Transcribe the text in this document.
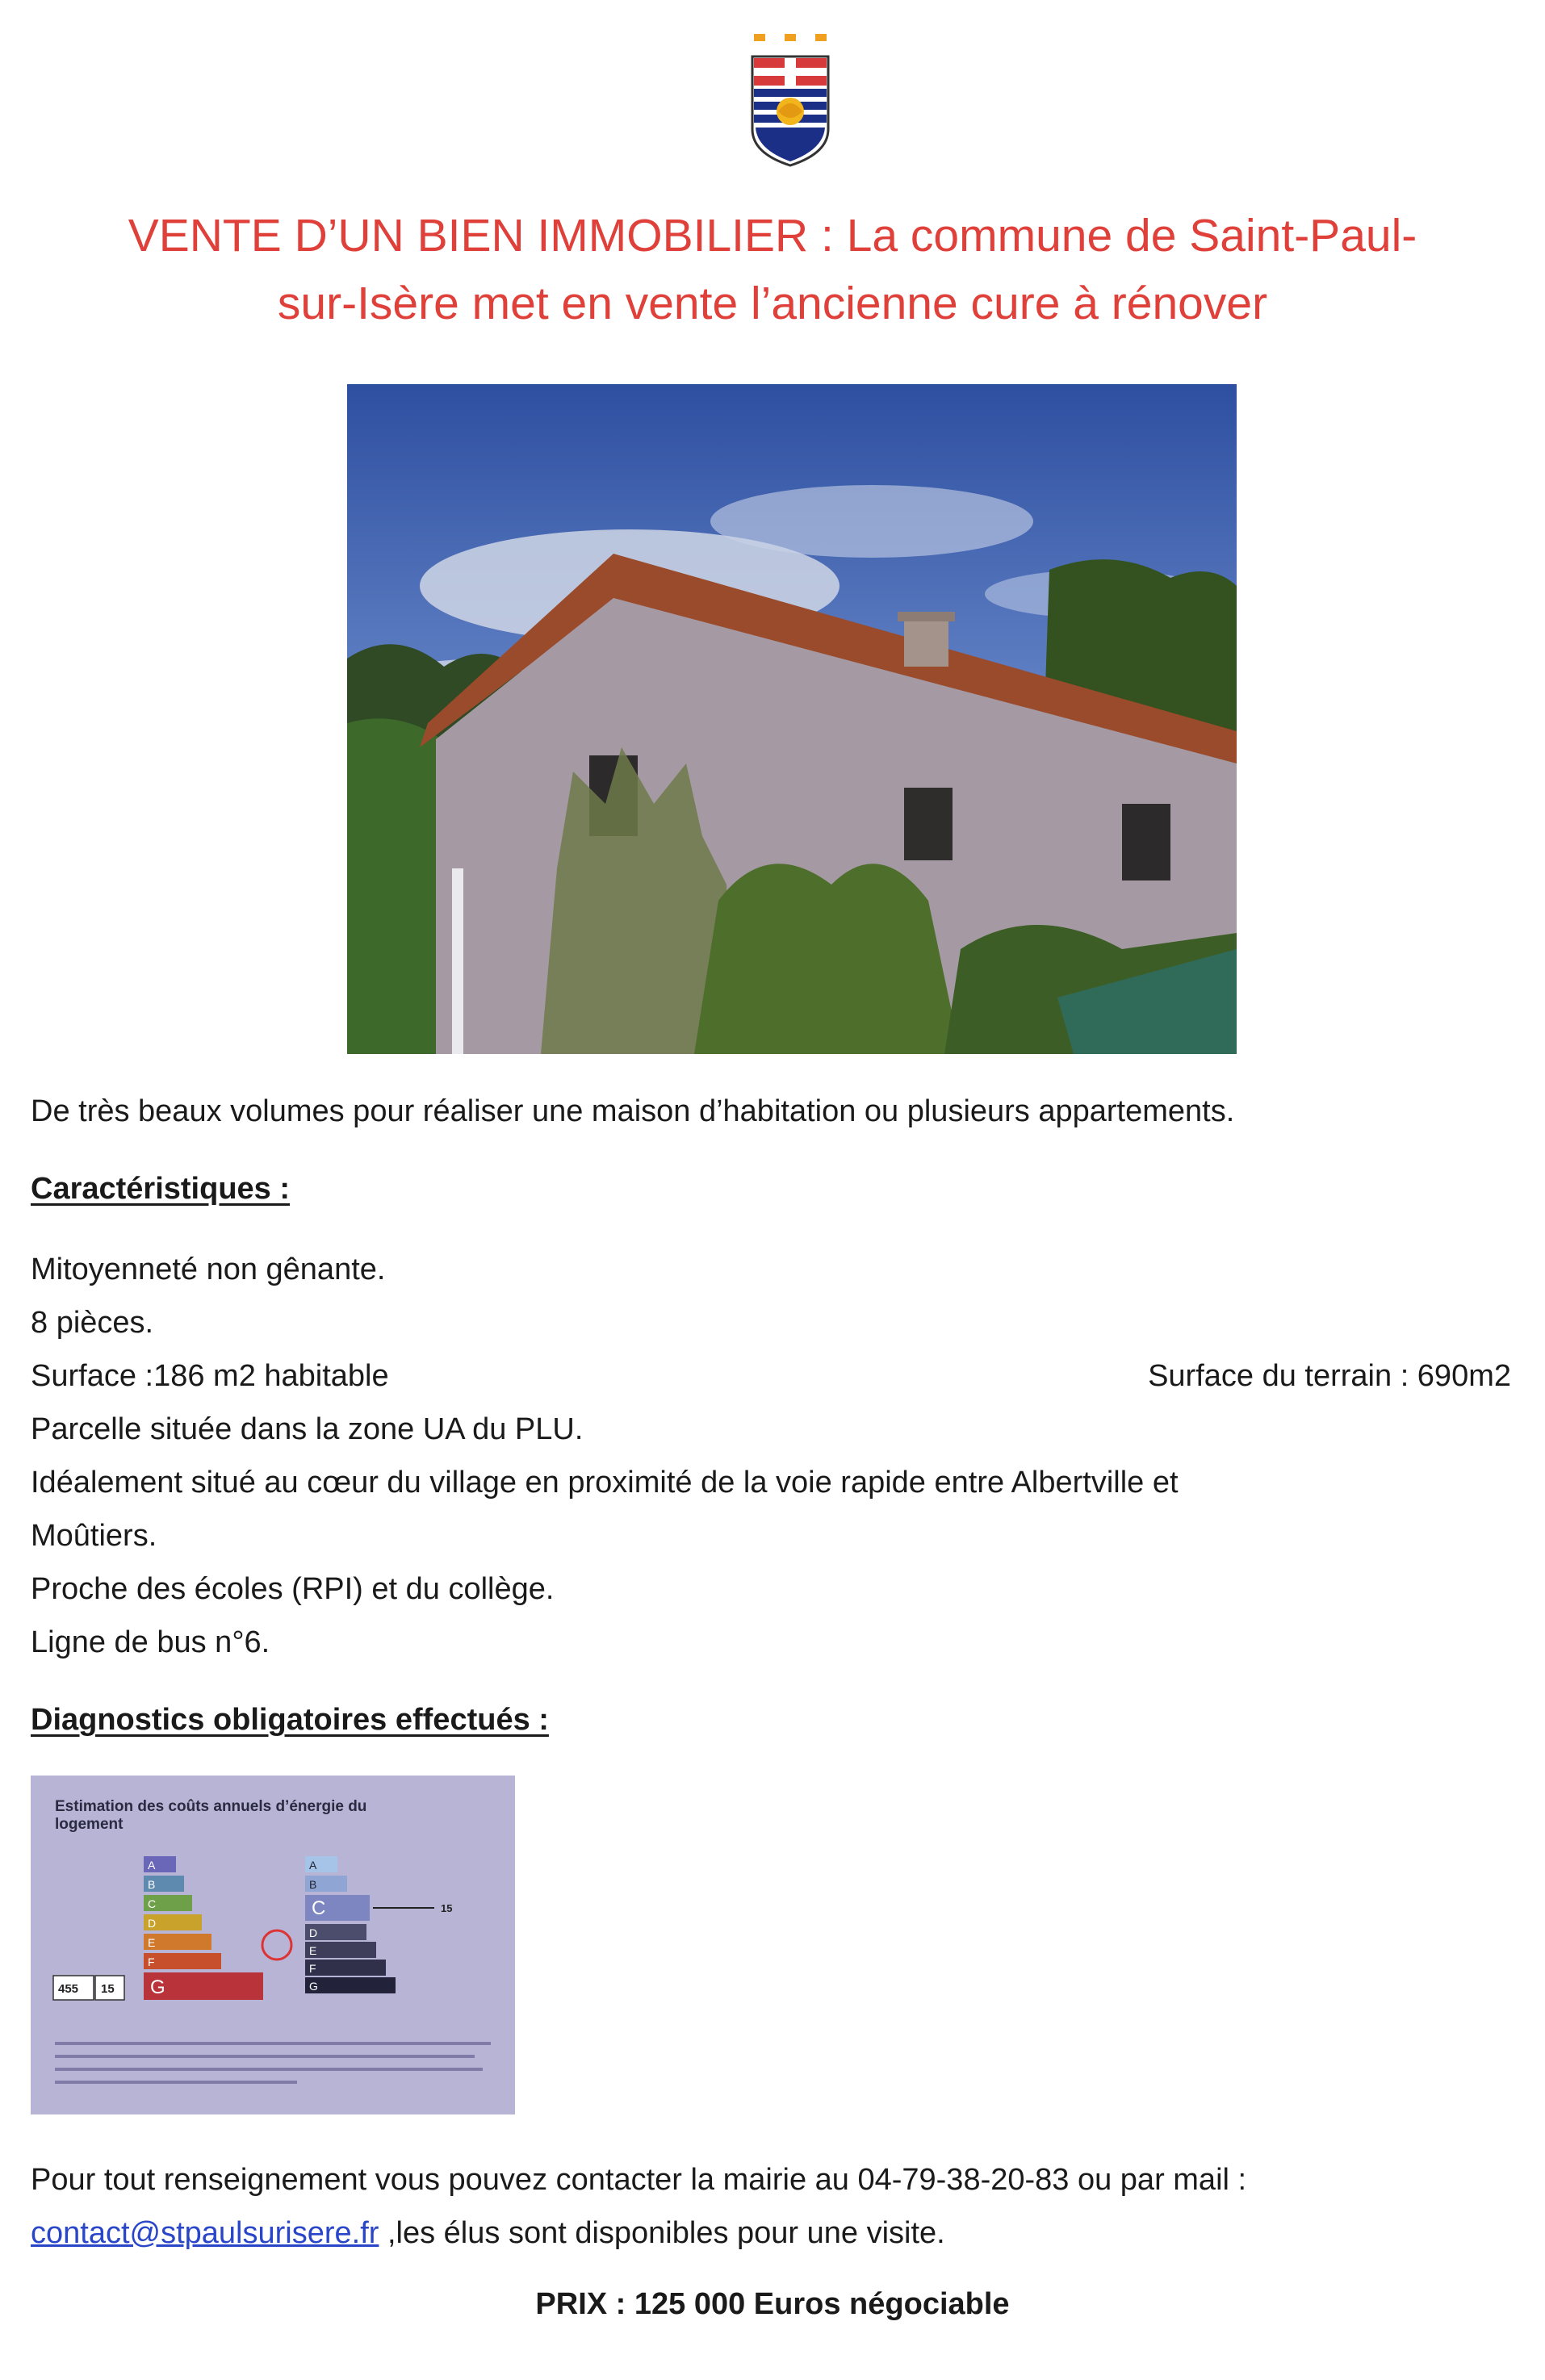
VENTE D’UN BIEN IMMOBILIER : La commune de Saint-Paul-
sur-Isère met en vente l’ancienne cure à rénover
De très beaux volumes pour réaliser une maison d’habitation ou plusieurs appartements.
Caractéristiques :
Mitoyenneté non gênante.
8 pièces.
Surface :186 m2 habitable	Surface du terrain : 690m2
Parcelle située dans la zone UA du PLU.
Idéalement situé au cœur du village en proximité de la voie rapide entre Albertville et
Moûtiers.
Proche des écoles (RPI) et du collège.
Ligne de bus n°6.
Diagnostics obligatoires effectués :
Estimation des coûts annuels d’énergie du
logement
A
B
C
D
E
F
G
455 15
A
B
C
D
E
F
G
15
Pour tout renseignement vous pouvez contacter la mairie au 04-79-38-20-83 ou par mail :
contact@stpaulsurisere.fr ,les élus sont disponibles pour une visite.
PRIX : 125 000 Euros négociable
